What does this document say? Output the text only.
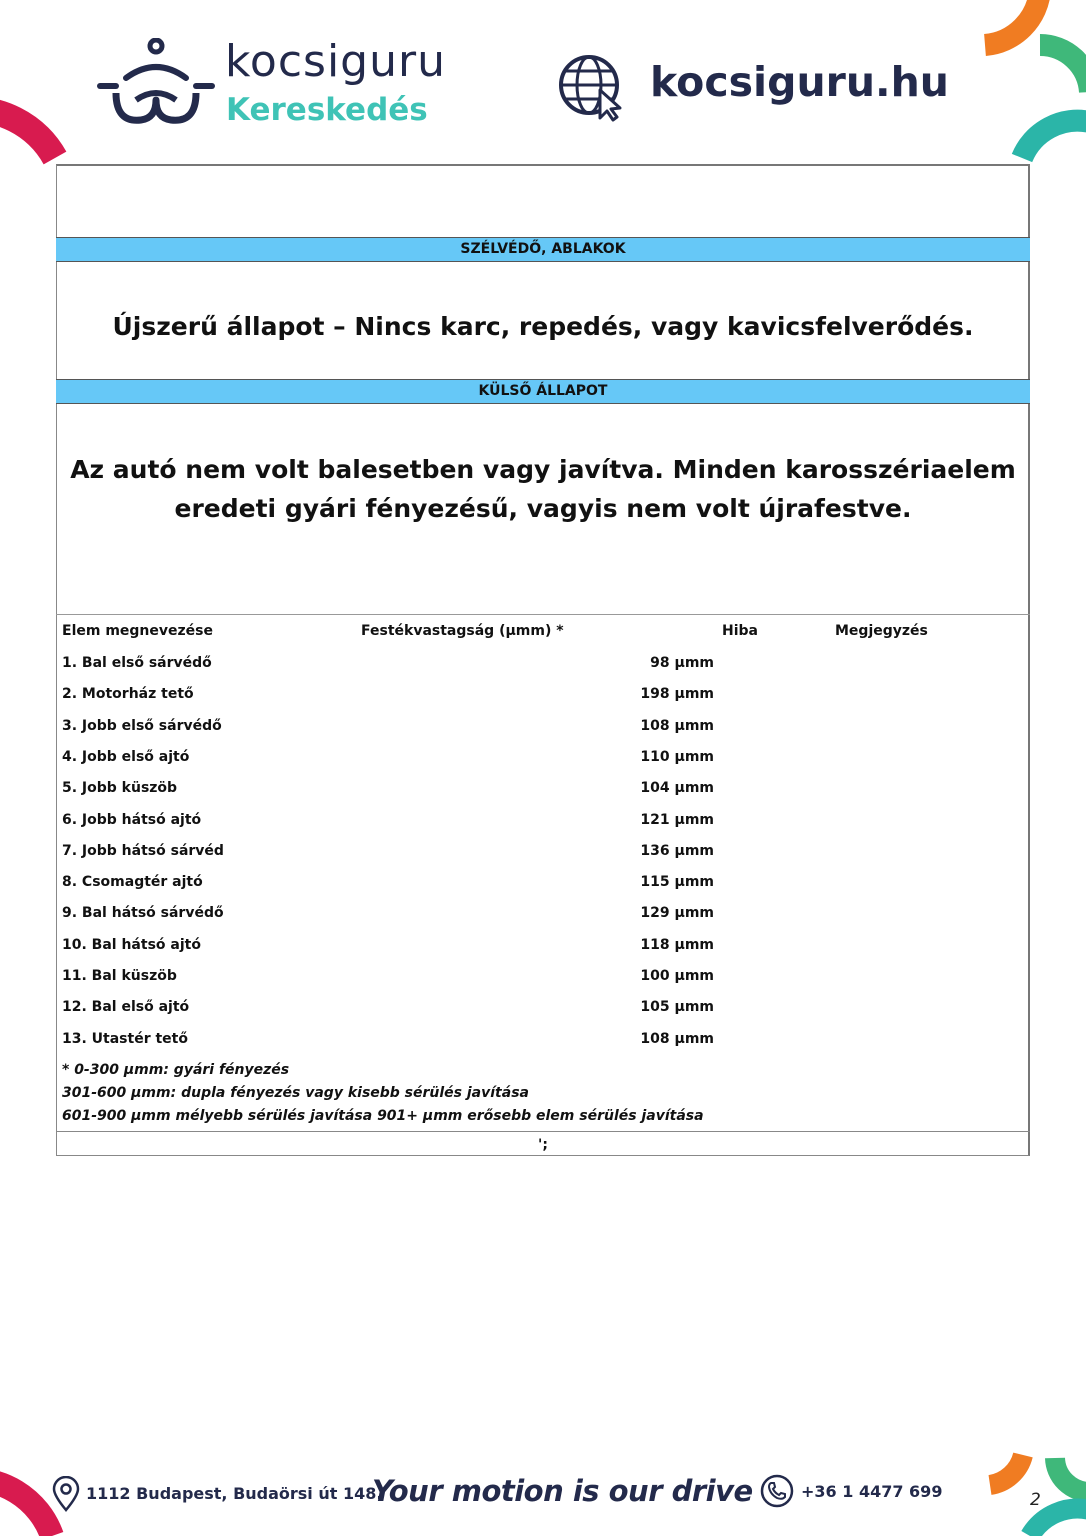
kocsiguru
Kereskedés
kocsiguru.hu
SZÉLVÉDŐ, ABLAKOK
Újszerű állapot – Nincs karc, repedés, vagy kavicsfelverődés.
KÜLSŐ ÁLLAPOT
Az autó nem volt balesetben vagy javítva. Minden karosszériaelem
eredeti gyári fényezésű, vagyis nem volt újrafestve.
Elem megnevezése	Festékvastagság (µmm) *	Hiba	Megjegyzés
1. Bal első sárvédő	98 µmm
2. Motorház tető	198 µmm
3. Jobb első sárvédő	108 µmm
4. Jobb első ajtó	110 µmm
5. Jobb küszöb	104 µmm
6. Jobb hátsó ajtó	121 µmm
7. Jobb hátsó sárvéd	136 µmm
8. Csomagtér ajtó	115 µmm
9. Bal hátsó sárvédő	129 µmm
10. Bal hátsó ajtó	118 µmm
11. Bal küszöb	100 µmm
12. Bal első ajtó	105 µmm
13. Utastér tető	108 µmm
* 0-300 µmm: gyári fényezés
301-600 µmm: dupla fényezés vagy kisebb sérülés javítása
601-900 µmm mélyebb sérülés javítása 901+ µmm erősebb elem sérülés javítása
';
1112 Budapest, Budaörsi út 148.
Your motion is our drive	+36 1 4477 699	2
